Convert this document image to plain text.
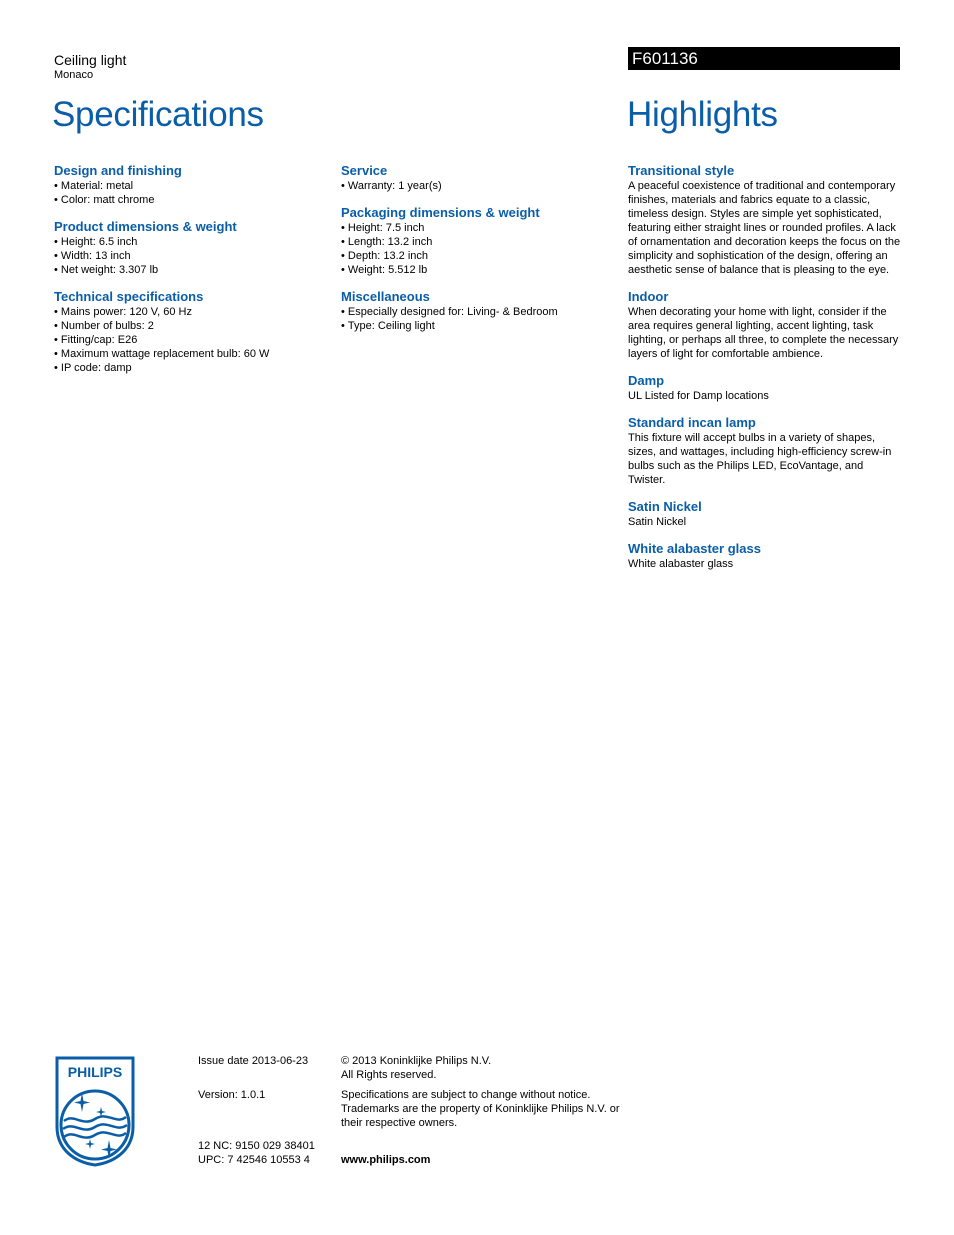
Ceiling light
Monaco
F601136
Specifications	Highlights
Design and finishing
• Material: metal
• Color: matt chrome
Product dimensions & weight
• Height: 6.5 inch
• Width: 13 inch
• Net weight: 3.307 lb
Technical specifications
• Mains power: 120 V, 60 Hz
• Number of bulbs: 2
• Fitting/cap: E26
• Maximum wattage replacement bulb: 60 W
• IP code: damp
Service
• Warranty: 1 year(s)
Packaging dimensions & weight
• Height: 7.5 inch
• Length: 13.2 inch
• Depth: 13.2 inch
• Weight: 5.512 lb
Miscellaneous
• Especially designed for: Living- & Bedroom
• Type: Ceiling light
Transitional style
A peaceful coexistence of traditional and contemporary finishes, materials and fabrics equate to a classic, timeless design. Styles are simple yet sophisticated, featuring either straight lines or rounded profiles. A lack of ornamentation and decoration keeps the focus on the simplicity and sophistication of the design, offering an aesthetic sense of balance that is pleasing to the eye.
Indoor
When decorating your home with light, consider if the area requires general lighting, accent lighting, task lighting, or perhaps all three, to complete the necessary layers of light for comfortable ambience.
Damp
UL Listed for Damp locations
Standard incan lamp
This fixture will accept bulbs in a variety of shapes, sizes, and wattages, including high-efficiency screw-in bulbs such as the Philips LED, EcoVantage, and Twister.
Satin Nickel
Satin Nickel
White alabaster glass
White alabaster glass
PHILIPS
Issue date 2013-06-23
Version: 1.0.1
12 NC: 9150 029 38401
UPC: 7 42546 10553 4
© 2013 Koninklijke Philips N.V.
All Rights reserved.
Specifications are subject to change without notice. Trademarks are the property of Koninklijke Philips N.V. or their respective owners.
www.philips.com
